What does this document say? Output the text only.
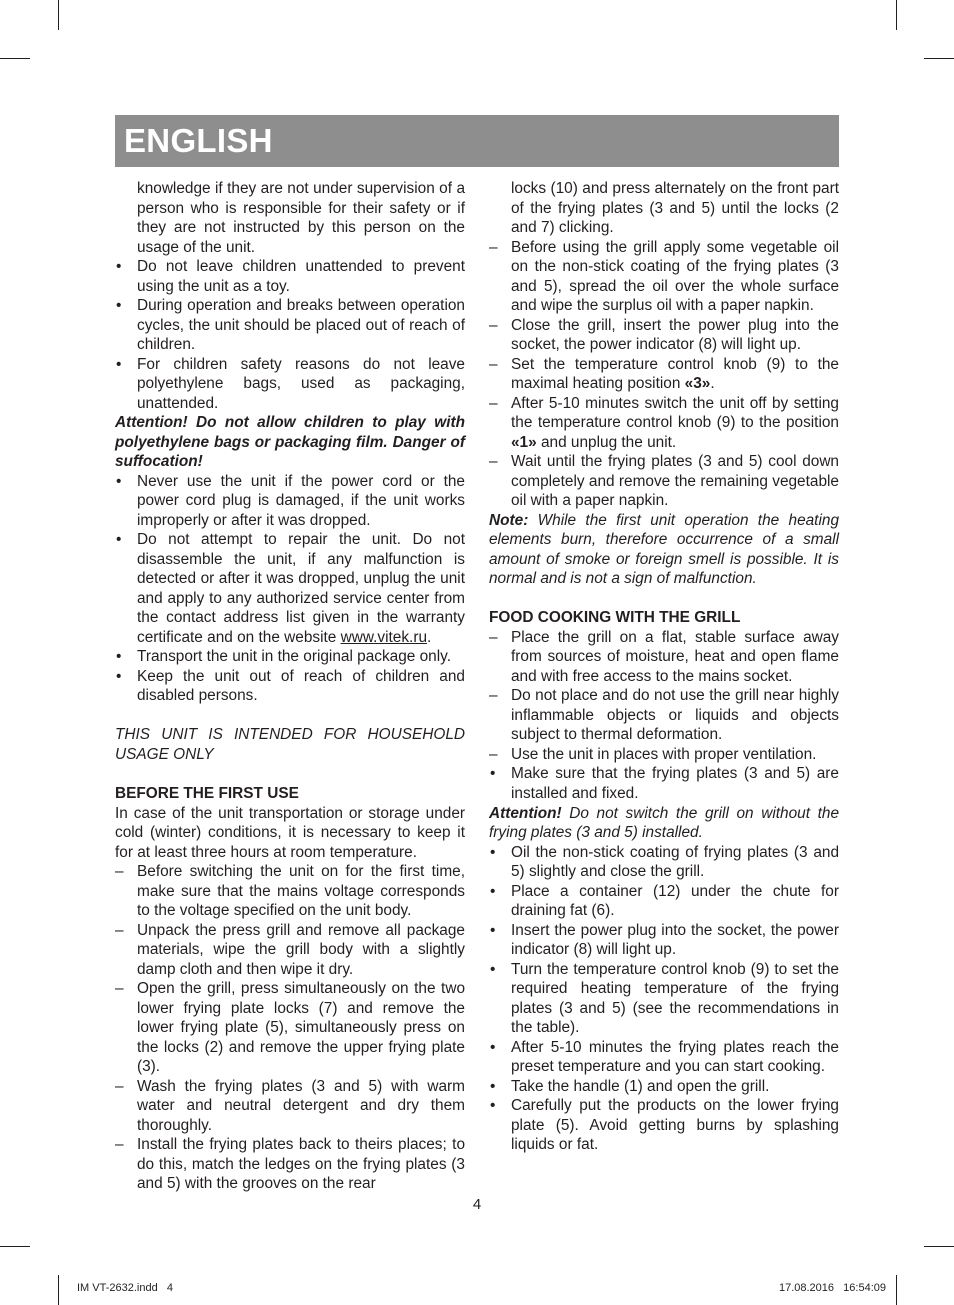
ENGLISH
knowledge if they are not under supervision of a person who is responsible for their safety or if they are not instructed by this person on the usage of the unit.
•	Do not leave children unattended to prevent using the unit as a toy.
•	During operation and breaks between operation cycles, the unit should be placed out of reach of children.
•	For children safety reasons do not leave polyethylene bags, used as packaging, unattended.

Attention! Do not allow children to play with polyethylene bags or packaging film. Danger of suffocation!

•	Never use the unit if the power cord or the power cord plug is damaged, if the unit works improperly or after it was dropped.
•	Do not attempt to repair the unit. Do not disassemble the unit, if any malfunction is detected or after it was dropped, unplug the unit and apply to any authorized service center from the contact address list given in the warranty certificate and on the website www.vitek.ru.
•	Transport the unit in the original package only.
•	Keep the unit out of reach of children and disabled persons.

THIS UNIT IS INTENDED FOR HOUSEHOLD USAGE ONLY

BEFORE THE FIRST USE

In case of the unit transportation or storage under cold (winter) conditions, it is necessary to keep it for at least three hours at room temperature.

– Before switching the unit on for the first time, make sure that the mains voltage corresponds to the voltage specified on the unit body.
– Unpack the press grill and remove all package materials, wipe the grill body with a slightly damp cloth and then wipe it dry.
– Open the grill, press simultaneously on the two lower frying plate locks (7) and remove the lower frying plate (5), simultaneously press on the locks (2) and remove the upper frying plate (3).
– Wash the frying plates (3 and 5) with warm water and neutral detergent and dry them thoroughly.
– Install the frying plates back to theirs places; to do this, match the ledges on the frying plates (3 and 5) with the grooves on the rear
locks (10) and press alternately on the front part of the frying plates (3 and 5) until the locks (2 and 7) clicking.
– Before using the grill apply some vegetable oil on the non-stick coating of the frying plates (3 and 5), spread the oil over the whole surface and wipe the surplus oil with a paper napkin.
– Close the grill, insert the power plug into the socket, the power indicator (8) will light up.
– Set the temperature control knob (9) to the maximal heating position «3».
– After 5-10 minutes switch the unit off by setting the temperature control knob (9) to the position «1» and unplug the unit.
– Wait until the frying plates (3 and 5) cool down completely and remove the remaining vegetable oil with a paper napkin.

Note: While the first unit operation the heating elements burn, therefore occurrence of a small amount of smoke or foreign smell is possible. It is normal and is not a sign of malfunction.

FOOD COOKING WITH THE GRILL
– Place the grill on a flat, stable surface away from sources of moisture, heat and open flame and with free access to the mains socket.
– Do not place and do not use the grill near highly inflammable objects or liquids and objects subject to thermal deformation.
– Use the unit in places with proper ventilation.
•	Make sure that the frying plates (3 and 5) are installed and fixed.

Attention! Do not switch the grill on without the frying plates (3 and 5) installed.

•	Oil the non-stick coating of frying plates (3 and 5) slightly and close the grill.
•	Place a container (12) under the chute for draining fat (6).
•	Insert the power plug into the socket, the power indicator (8) will light up.
•	Turn the temperature control knob (9) to set the required heating temperature of the frying plates (3 and 5) (see the recommendations in the table).
•	After 5-10 minutes the frying plates reach the preset temperature and you can start cooking.
•	Take the handle (1) and open the grill.
•	Carefully put the products on the lower frying plate (5). Avoid getting burns by splashing liquids or fat.
4
IM VT-2632.indd   4	17.08.2016   16:54:09
